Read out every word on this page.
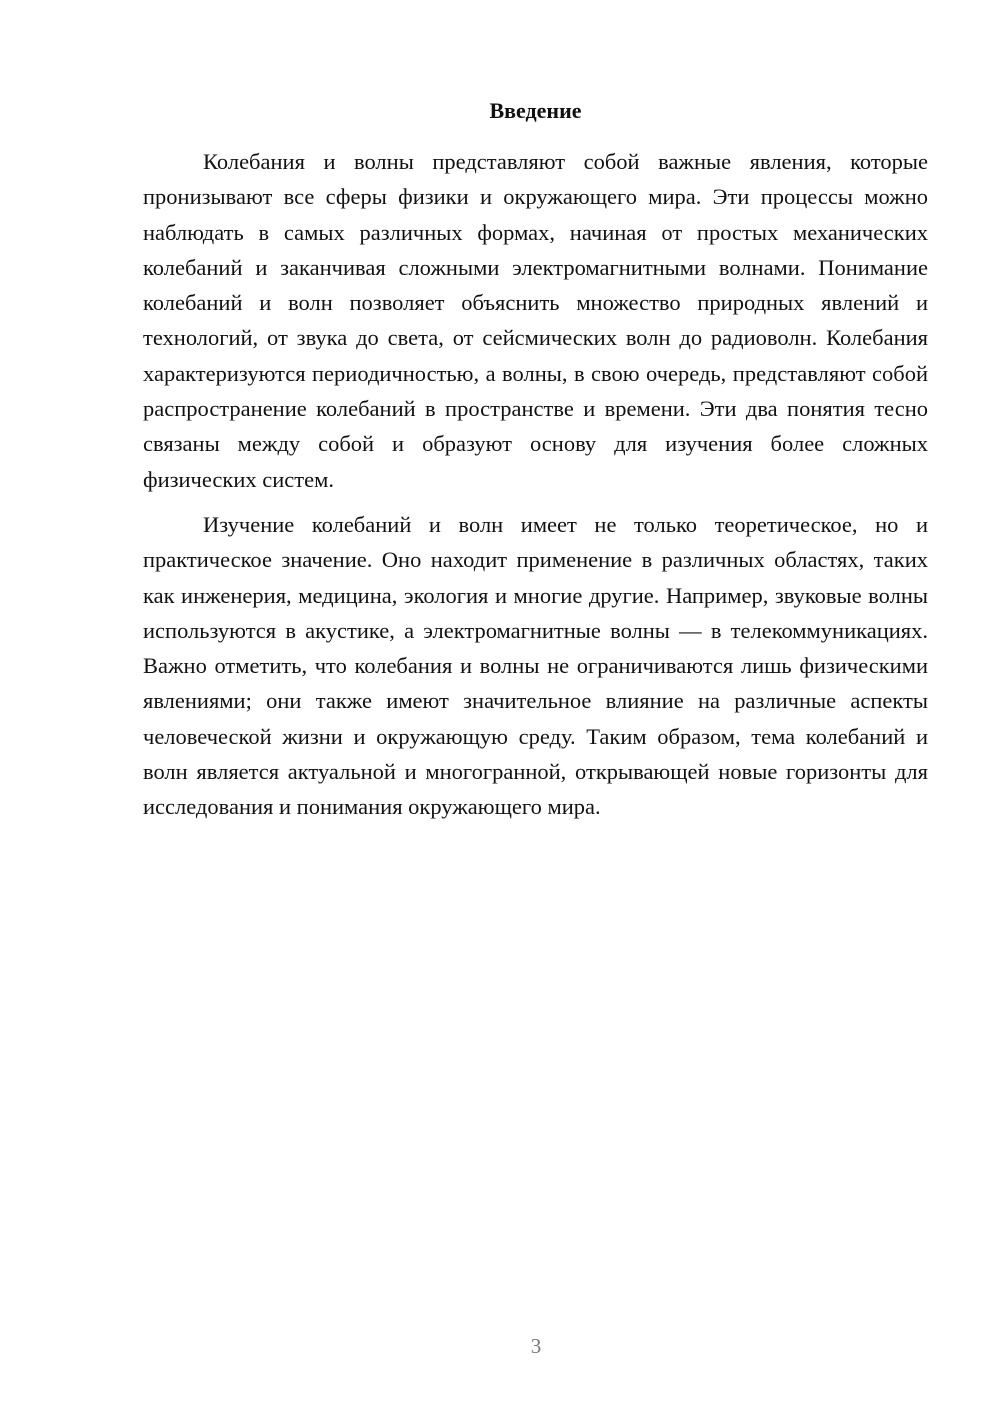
Введение

Колебания и волны представляют собой важные явления, которые пронизывают все сферы физики и окружающего мира. Эти процессы можно наблюдать в самых различных формах, начиная от простых механических колебаний и заканчивая сложными электромагнитными волнами. Понимание колебаний и волн позволяет объяснить множество природных явлений и технологий, от звука до света, от сейсмических волн до радиоволн. Колебания характеризуются периодичностью, а волны, в свою очередь, представляют собой распространение колебаний в пространстве и времени. Эти два понятия тесно связаны между собой и образуют основу для изучения более сложных физических систем.

Изучение колебаний и волн имеет не только теоретическое, но и практическое значение. Оно находит применение в различных областях, таких как инженерия, медицина, экология и многие другие. Например, звуковые волны используются в акустике, а электромагнитные волны — в телекоммуникациях. Важно отметить, что колебания и волны не ограничиваются лишь физическими явлениями; они также имеют значительное влияние на различные аспекты человеческой жизни и окружающую среду. Таким образом, тема колебаний и волн является актуальной и многогранной, открывающей новые горизонты для исследования и понимания окружающего мира.

3
